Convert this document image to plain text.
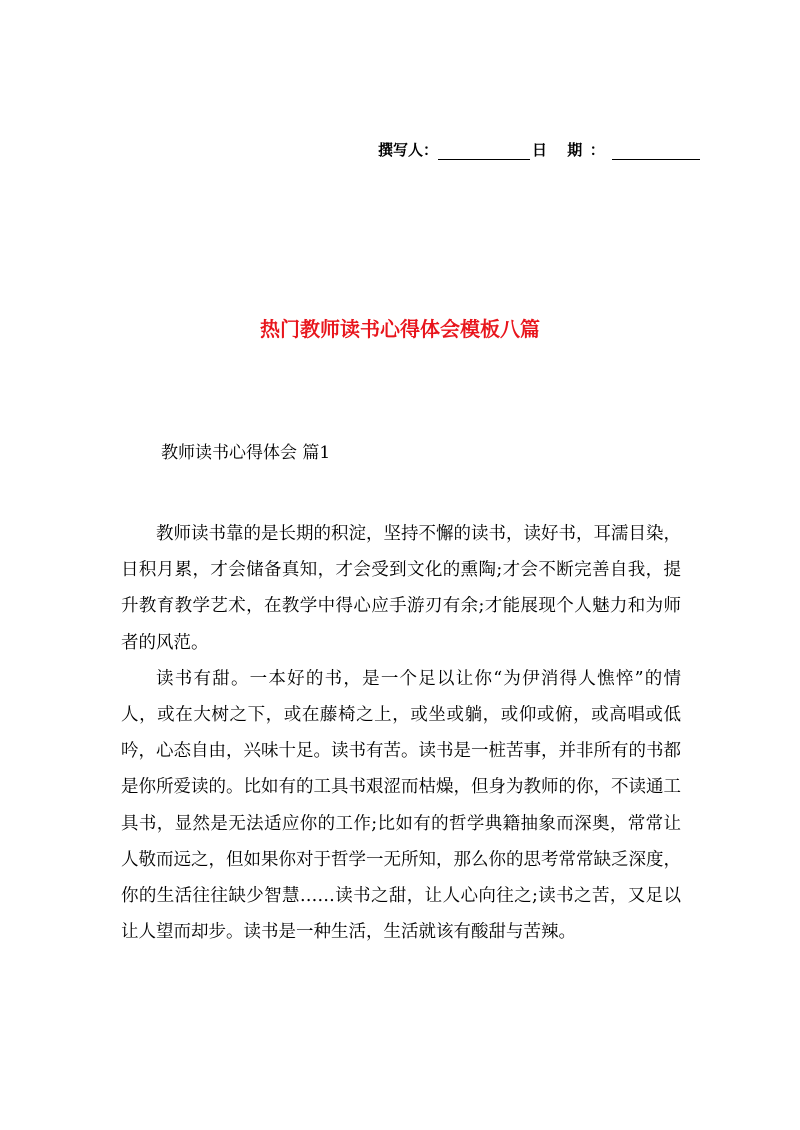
撰写人：	日 期：
热门教师读书心得体会模板八篇
教师读书心得体会 篇1

教师读书靠的是长期的积淀，坚持不懈的读书，读好书，耳濡目染，日积月累，才会储备真知，才会受到文化的熏陶;才会不断完善自我，提升教育教学艺术，在教学中得心应手游刃有余;才能展现个人魅力和为师者的风范。

读书有甜。一本好的书，是一个足以让你“为伊消得人憔悴”的情人，或在大树之下，或在藤椅之上，或坐或躺，或仰或俯，或高唱或低吟，心态自由，兴味十足。读书有苦。读书是一桩苦事，并非所有的书都是你所爱读的。比如有的工具书艰涩而枯燥，但身为教师的你，不读通工具书，显然是无法适应你的工作;比如有的哲学典籍抽象而深奥，常常让人敬而远之，但如果你对于哲学一无所知，那么你的思考常常缺乏深度，你的生活往往缺少智慧……读书之甜，让人心向往之;读书之苦，又足以让人望而却步。读书是一种生活，生活就该有酸甜与苦辣。
